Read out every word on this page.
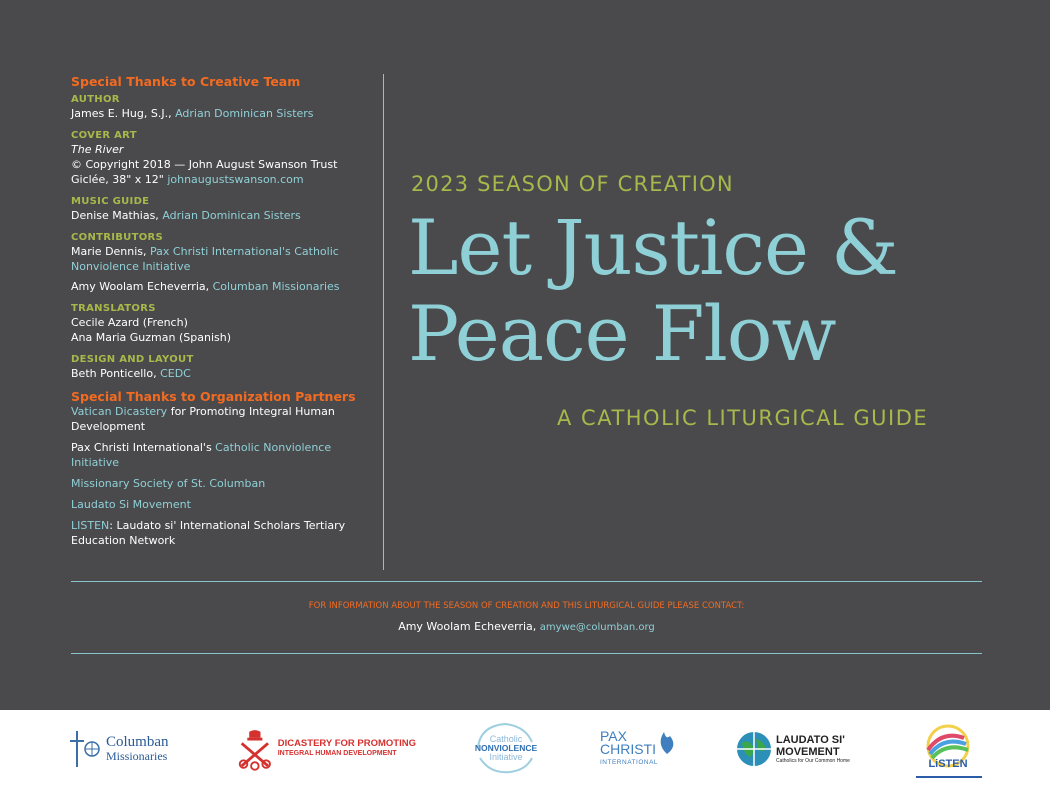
Special Thanks to Creative Team
AUTHOR
James E. Hug, S.J., Adrian Dominican Sisters
COVER ART
The River
© Copyright 2018 — John August Swanson Trust
Giclée, 38" x 12" johnaugustswanson.com
MUSIC GUIDE
Denise Mathias, Adrian Dominican Sisters
CONTRIBUTORS
Marie Dennis, Pax Christi International's Catholic
Nonviolence Initiative
Amy Woolam Echeverria, Columban Missionaries
TRANSLATORS
Cecile Azard (French)
Ana Maria Guzman (Spanish)
DESIGN AND LAYOUT
Beth Ponticello, CEDC
Special Thanks to Organization Partners
Vatican Dicastery for Promoting Integral Human
Development
Pax Christi International's Catholic Nonviolence
Initiative
Missionary Society of St. Columban
Laudato Si Movement
LISTEN: Laudato si' International Scholars Tertiary
Education Network
2023 SEASON OF CREATION
Let Justice &
Peace Flow
A CATHOLIC LITURGICAL GUIDE
FOR INFORMATION ABOUT THE SEASON OF CREATION AND THIS LITURGICAL GUIDE PLEASE CONTACT:
Amy Woolam Echeverria, amywe@columban.org
Columban
Missionaries
DICASTERY FOR PROMOTING
INTEGRAL HUMAN DEVELOPMENT
Catholic
NONVIOLENCE
Initiative
PAX
CHRISTI
INTERNATIONAL
LAUDATO SI'
MOVEMENT
Catholics for Our Common Home	LiSTEN
